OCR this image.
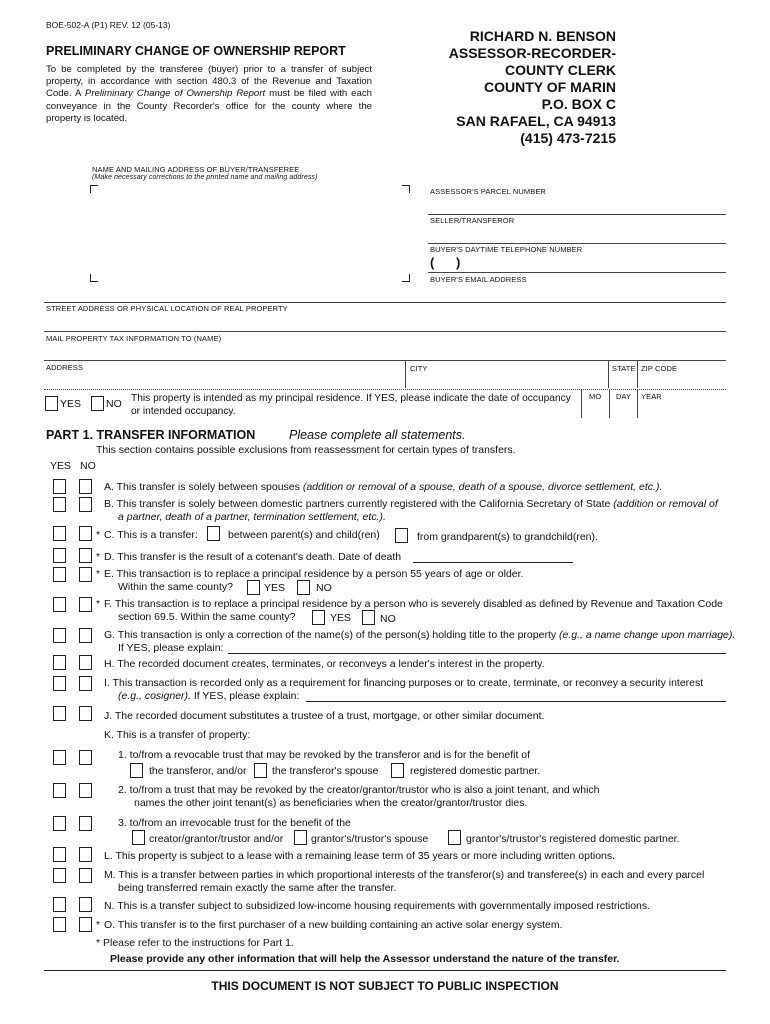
BOE-502-A (P1) REV. 12 (05-13)
PRELIMINARY CHANGE OF OWNERSHIP REPORT
To be completed by the transferee (buyer) prior to a transfer of subject property, in accordance with section 480.3 of the Revenue and Taxation Code. A Preliminary Change of Ownership Report must be filed with each conveyance in the County Recorder's office for the county where the property is located.
RICHARD N. BENSON
ASSESSOR-RECORDER-
COUNTY CLERK
COUNTY OF MARIN
P.O. BOX C
SAN RAFAEL, CA 94913
(415) 473-7215
NAME AND MAILING ADDRESS OF BUYER/TRANSFEREE
(Make necessary corrections to the printed name and mailing address)
ASSESSOR'S PARCEL NUMBER
SELLER/TRANSFEROR
BUYER'S DAYTIME TELEPHONE NUMBER
(      )
BUYER'S EMAIL ADDRESS
STREET ADDRESS OR PHYSICAL LOCATION OF REAL PROPERTY
MAIL PROPERTY TAX INFORMATION TO (NAME)
ADDRESS	CITY	STATE ZIP CODE
YES NO This property is intended as my principal residence. If YES, please indicate the date of occupancy or intended occupancy.
MO DAY YEAR
PART 1. TRANSFER INFORMATION	Please complete all statements.
This section contains possible exclusions from reassessment for certain types of transfers.
YES NO
A. This transfer is solely between spouses (addition or removal of a spouse, death of a spouse, divorce settlement, etc.).
B. This transfer is solely between domestic partners currently registered with the California Secretary of State (addition or removal of
a partner, death of a partner, termination settlement, etc.).
* C. This is a transfer:	between parent(s) and child(ren)	from grandparent(s) to grandchild(ren).
* D. This transfer is the result of a cotenant's death. Date of death
* E. This transaction is to replace a principal residence by a person 55 years of age or older.
Within the same county?	YES	NO
* F. This transaction is to replace a principal residence by a person who is severely disabled as defined by Revenue and Taxation Code
section 69.5. Within the same county?	YES	NO
G. This transaction is only a correction of the name(s) of the person(s) holding title to the property (e.g., a name change upon marriage).
If YES, please explain:
H. The recorded document creates, terminates, or reconveys a lender's interest in the property.
I. This transaction is recorded only as a requirement for financing purposes or to create, terminate, or reconvey a security interest
(e.g., cosigner). If YES, please explain:
J. The recorded document substitutes a trustee of a trust, mortgage, or other similar document.
K. This is a transfer of property:
1. to/from a revocable trust that may be revoked by the transferor and is for the benefit of
the transferor, and/or the transferor's spouse	registered domestic partner.
2. to/from a trust that may be revoked by the creator/grantor/trustor who is also a joint tenant, and which
names the other joint tenant(s) as beneficiaries when the creator/grantor/trustor dies.
3. to/from an irrevocable trust for the benefit of the
creator/grantor/trustor and/or	grantor's/trustor's spouse	grantor's/trustor's registered domestic partner.
L. This property is subject to a lease with a remaining lease term of 35 years or more including written options.
M. This is a transfer between parties in which proportional interests of the transferor(s) and transferee(s) in each and every parcel
being transferred remain exactly the same after the transfer.
N. This is a transfer subject to subsidized low-income housing requirements with governmentally imposed restrictions.
* O. This transfer is to the first purchaser of a new building containing an active solar energy system.
* Please refer to the instructions for Part 1.
Please provide any other information that will help the Assessor understand the nature of the transfer.
THIS DOCUMENT IS NOT SUBJECT TO PUBLIC INSPECTION
